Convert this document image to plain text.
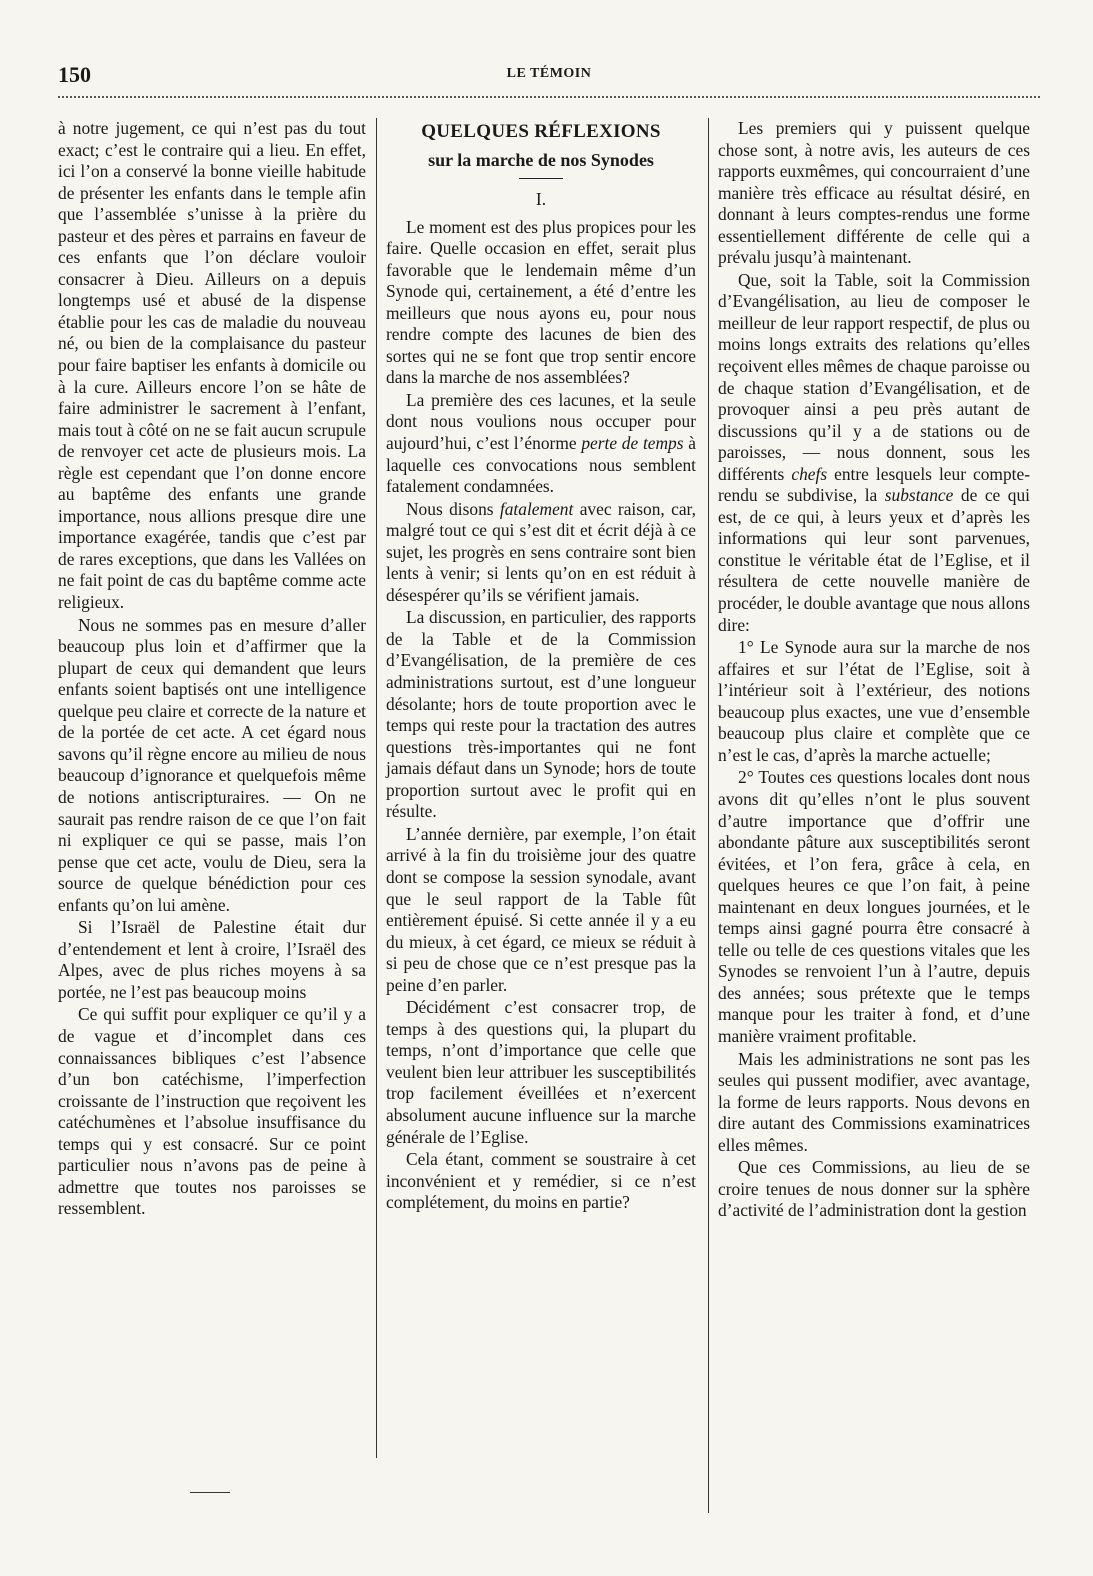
150	LE TÉMOIN

à notre jugement, ce qui n’est pas du tout exact; c’est le contraire qui a lieu. En effet, ici l’on a conservé la bonne vieille habitude de présenter les enfants dans le temple afin que l’assemblée s’unisse à la prière du pasteur et des pères et parrains en faveur de ces enfants que l’on déclare vouloir consacrer à Dieu. Ailleurs on a depuis longtemps usé et abusé de la dispense établie pour les cas de maladie du nouveau né, ou bien de la complaisance du pasteur pour faire baptiser les enfants à domicile ou à la cure. Ailleurs encore l’on se hâte de faire administrer le sacrement à l’enfant, mais tout à côté on ne se fait aucun scrupule de renvoyer cet acte de plusieurs mois. La règle est cependant que l’on donne encore au baptême des enfants une grande importance, nous allions presque dire une importance exagérée, tandis que c’est par de rares exceptions, que dans les Vallées on ne fait point de cas du baptême comme acte religieux.

Nous ne sommes pas en mesure d’aller beaucoup plus loin et d’affirmer que la plupart de ceux qui demandent que leurs enfants soient baptisés ont une intelligence quelque peu claire et correcte de la nature et de la portée de cet acte. A cet égard nous savons qu’il règne encore au milieu de nous beaucoup d’ignorance et quelquefois même de notions antiscripturaires. — On ne saurait pas rendre raison de ce que l’on fait ni expliquer ce qui se passe, mais l’on pense que cet acte, voulu de Dieu, sera la source de quelque bénédiction pour ces enfants qu’on lui amène.

Si l’Israël de Palestine était dur d’entendement et lent à croire, l’Israël des Alpes, avec de plus riches moyens à sa portée, ne l’est pas beaucoup moins

Ce qui suffit pour expliquer ce qu’il y a de vague et d’incomplet dans ces connaissances bibliques c’est l’absence d’un bon catéchisme, l’imperfection croissante de l’instruction que reçoivent les catéchumènes et l’absolue insuffisance du temps qui y est consacré. Sur ce point particulier nous n’avons pas de peine à admettre que toutes nos paroisses se ressemblent.

QUELQUES RÉFLEXIONS
sur la marche de nos Synodes
I.

Le moment est des plus propices pour les faire. Quelle occasion en effet, serait plus favorable que le lendemain même d’un Synode qui, certainement, a été d’entre les meilleurs que nous ayons eu, pour nous rendre compte des lacunes de bien des sortes qui ne se font que trop sentir encore dans la marche de nos assemblées?

La première des ces lacunes, et la seule dont nous voulions nous occuper pour aujourd’hui, c’est l’énorme perte de temps à laquelle ces convocations nous semblent fatalement condamnées.

Nous disons fatalement avec raison, car, malgré tout ce qui s’est dit et écrit déjà à ce sujet, les progrès en sens contraire sont bien lents à venir; si lents qu’on en est réduit à désespérer qu’ils se vérifient jamais.

La discussion, en particulier, des rapports de la Table et de la Commission d’Evangélisation, de la première de ces administrations surtout, est d’une longueur désolante; hors de toute proportion avec le temps qui reste pour la tractation des autres questions très-importantes qui ne font jamais défaut dans un Synode; hors de toute proportion surtout avec le profit qui en résulte.

L’année dernière, par exemple, l’on était arrivé à la fin du troisième jour des quatre dont se compose la session synodale, avant que le seul rapport de la Table fût entièrement épuisé. Si cette année il y a eu du mieux, à cet égard, ce mieux se réduit à si peu de chose que ce n’est presque pas la peine d’en parler.

Décidément c’est consacrer trop, de temps à des questions qui, la plupart du temps, n’ont d’importance que celle que veulent bien leur attribuer les susceptibilités trop facilement éveillées et n’exercent absolument aucune influence sur la marche générale de l’Eglise.

Cela étant, comment se soustraire à cet inconvénient et y remédier, si ce n’est complétement, du moins en partie?

Les premiers qui y puissent quelque chose sont, à notre avis, les auteurs de ces rapports euxmêmes, qui concourraient d’une manière très efficace au résultat désiré, en donnant à leurs comptes-rendus une forme essentiellement différente de celle qui a prévalu jusqu’à maintenant.

Que, soit la Table, soit la Commission d’Evangélisation, au lieu de composer le meilleur de leur rapport respectif, de plus ou moins longs extraits des relations qu’elles reçoivent elles mêmes de chaque paroisse ou de chaque station d’Evangélisation, et de provoquer ainsi a peu près autant de discussions qu’il y a de stations ou de paroisses, — nous donnent, sous les différents chefs entre lesquels leur compte-rendu se subdivise, la substance de ce qui est, de ce qui, à leurs yeux et d’après les informations qui leur sont parvenues, constitue le véritable état de l’Eglise, et il résultera de cette nouvelle manière de procéder, le double avantage que nous allons dire:

1° Le Synode aura sur la marche de nos affaires et sur l’état de l’Eglise, soit à l’intérieur soit à l’extérieur, des notions beaucoup plus exactes, une vue d’ensemble beaucoup plus claire et complète que ce n’est le cas, d’après la marche actuelle;

2° Toutes ces questions locales dont nous avons dit qu’elles n’ont le plus souvent d’autre importance que d’offrir une abondante pâture aux susceptibilités seront évitées, et l’on fera, grâce à cela, en quelques heures ce que l’on fait, à peine maintenant en deux longues journées, et le temps ainsi gagné pourra être consacré à telle ou telle de ces questions vitales que les Synodes se renvoient l’un à l’autre, depuis des années; sous prétexte que le temps manque pour les traiter à fond, et d’une manière vraiment profitable.

Mais les administrations ne sont pas les seules qui pussent modifier, avec avantage, la forme de leurs rapports. Nous devons en dire autant des Commissions examinatrices elles mêmes.

Que ces Commissions, au lieu de se croire tenues de nous donner sur la sphère d’activité de l’administration dont la gestion
